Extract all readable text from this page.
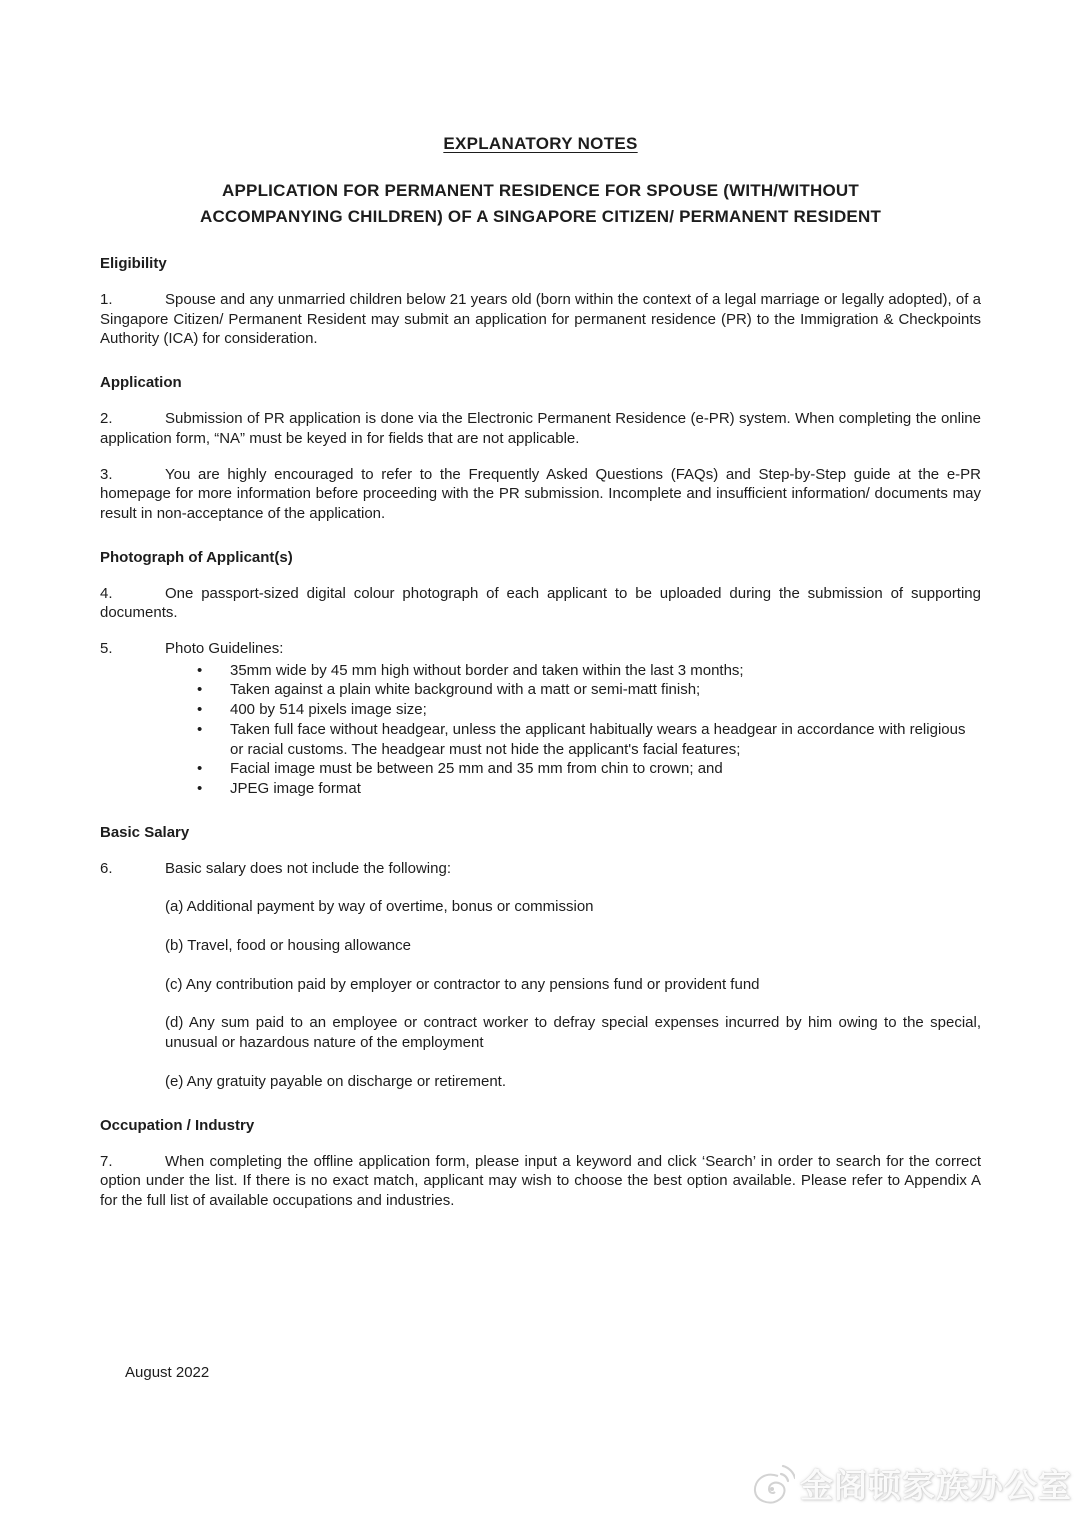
EXPLANATORY NOTES
APPLICATION FOR PERMANENT RESIDENCE FOR SPOUSE (WITH/WITHOUT
ACCOMPANYING CHILDREN) OF A SINGAPORE CITIZEN/ PERMANENT RESIDENT
Eligibility

1.	Spouse and any unmarried children below 21 years old (born within the context of a legal marriage or legally adopted), of a Singapore Citizen/ Permanent Resident may submit an application for permanent residence (PR) to the Immigration & Checkpoints Authority (ICA) for consideration.

Application

2.	Submission of PR application is done via the Electronic Permanent Residence (e-PR) system. When completing the online application form, “NA” must be keyed in for fields that are not applicable.

3.	You are highly encouraged to refer to the Frequently Asked Questions (FAQs) and Step-by-Step guide at the e-PR homepage for more information before proceeding with the PR submission. Incomplete and insufficient information/ documents may result in non-acceptance of the application.

Photograph of Applicant(s)

4.	One passport-sized digital colour photograph of each applicant to be uploaded during the submission of supporting documents.

5.	Photo Guidelines:

• 35mm wide by 45 mm high without border and taken within the last 3 months;
• Taken against a plain white background with a matt or semi-matt finish;
• 400 by 514 pixels image size;
• Taken full face without headgear, unless the applicant habitually wears a headgear in accordance with religious or racial customs. The headgear must not hide the applicant's facial features;
• Facial image must be between 25 mm and 35 mm from chin to crown; and
• JPEG image format
Basic Salary

6.	Basic salary does not include the following:

(a) Additional payment by way of overtime, bonus or commission
(b) Travel, food or housing allowance
(c) Any contribution paid by employer or contractor to any pensions fund or provident fund
(d) Any sum paid to an employee or contract worker to defray special expenses incurred by him owing to the special, unusual or hazardous nature of the employment
(e) Any gratuity payable on discharge or retirement.
Occupation / Industry

7.	When completing the offline application form, please input a keyword and click ‘Search’ in order to search for the correct option under the list. If there is no exact match, applicant may wish to choose the best option available. Please refer to Appendix A for the full list of available occupations and industries.

August 2022
金阁顿家族办公室
